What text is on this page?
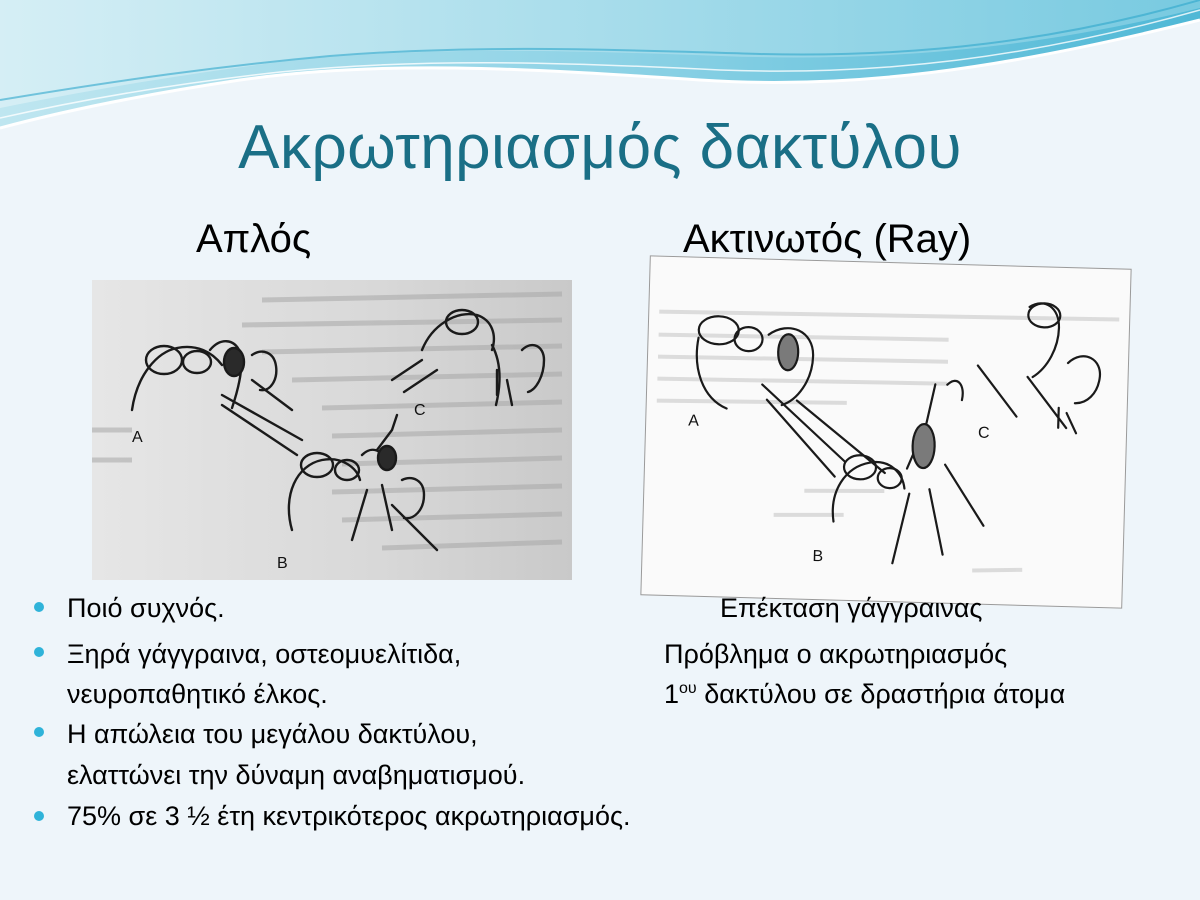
Ακρωτηριασμός δακτύλου
Απλός	Ακτινωτός (Ray)
A
B
C
A
B
C
Ποιό συχνός.
Ξηρά γάγγραινα, οστεομυελίτιδα,
νευροπαθητικό έλκος.
Η απώλεια του μεγάλου δακτύλου,
ελαττώνει την δύναμη αναβηματισμού.
75% σε 3 ½ έτη κεντρικότερος ακρωτηριασμός.
Επέκταση γάγγραινας
Πρόβλημα ο ακρωτηριασμός
$1^{o\upsilon}$ δακτύλου σε δραστήρια άτομα
